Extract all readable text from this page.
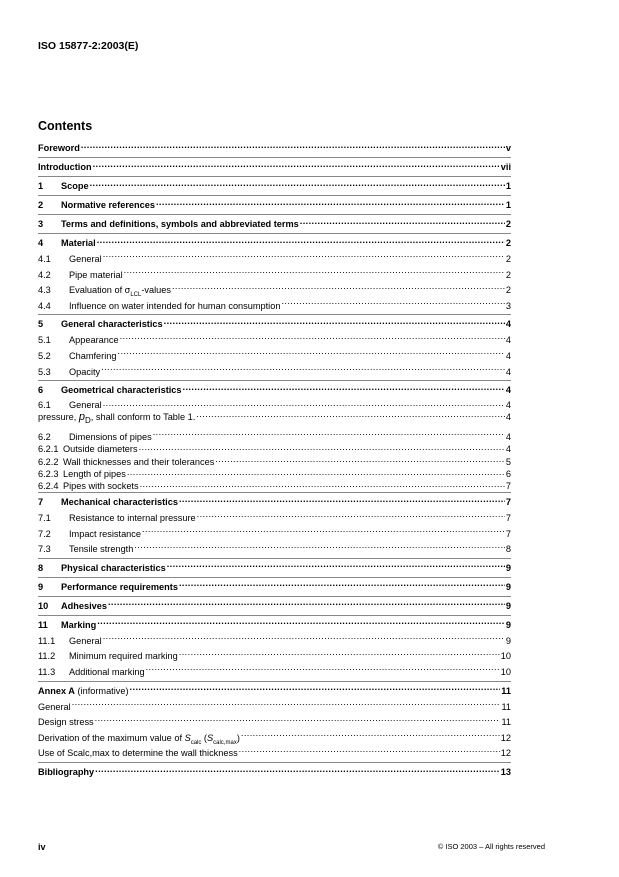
ISO 15877-2:2003(E)
Contents
Foreword .....	v
Introduction .....	vii
1	Scope .....	1
2	Normative references .....	1
3	Terms and definitions, symbols and abbreviated terms .....	2
4	Material .....	2
4.1	General .....	2
4.2	Pipe material .....	2
4.3	Evaluation of $\sigma_{LCL}$-values .....	2
4.4	Influence on water intended for human consumption .....	3
5	General characteristics .....	4
5.1	Appearance .....	4
5.2	Chamfering .....	4
5.3	Opacity .....	4
6	Geometrical characteristics .....	4
6.1	General .....	4
pressure, $p_D$, shall conform to Table 1. .....	4
6.2	Dimensions of pipes .....	4
6.2.1 Outside diameters .....	4
6.2.2 Wall thicknesses and their tolerances .....	5
6.2.3 Length of pipes .....	6
6.2.4 Pipes with sockets .....	7
7	Mechanical characteristics .....	7
7.1	Resistance to internal pressure .....	7
7.2	Impact resistance .....	7
7.3	Tensile strength .....	8
8	Physical characteristics .....	9
9	Performance requirements .....	9
10	Adhesives .....	9
11	Marking .....	9
11.1	General .....	9
11.2	Minimum required marking .....	10
11.3	Additional marking .....	10
Annex A (informative) .....	11
General .....	11
Design stress .....	11
Derivation of the maximum value of $S_{calc}$ $(S_{calc,max})$ .....	12
Use of Scalc,max to determine the wall thickness .....	12
Bibliography .....	13
iv	© ISO 2003 – All rights reserved
